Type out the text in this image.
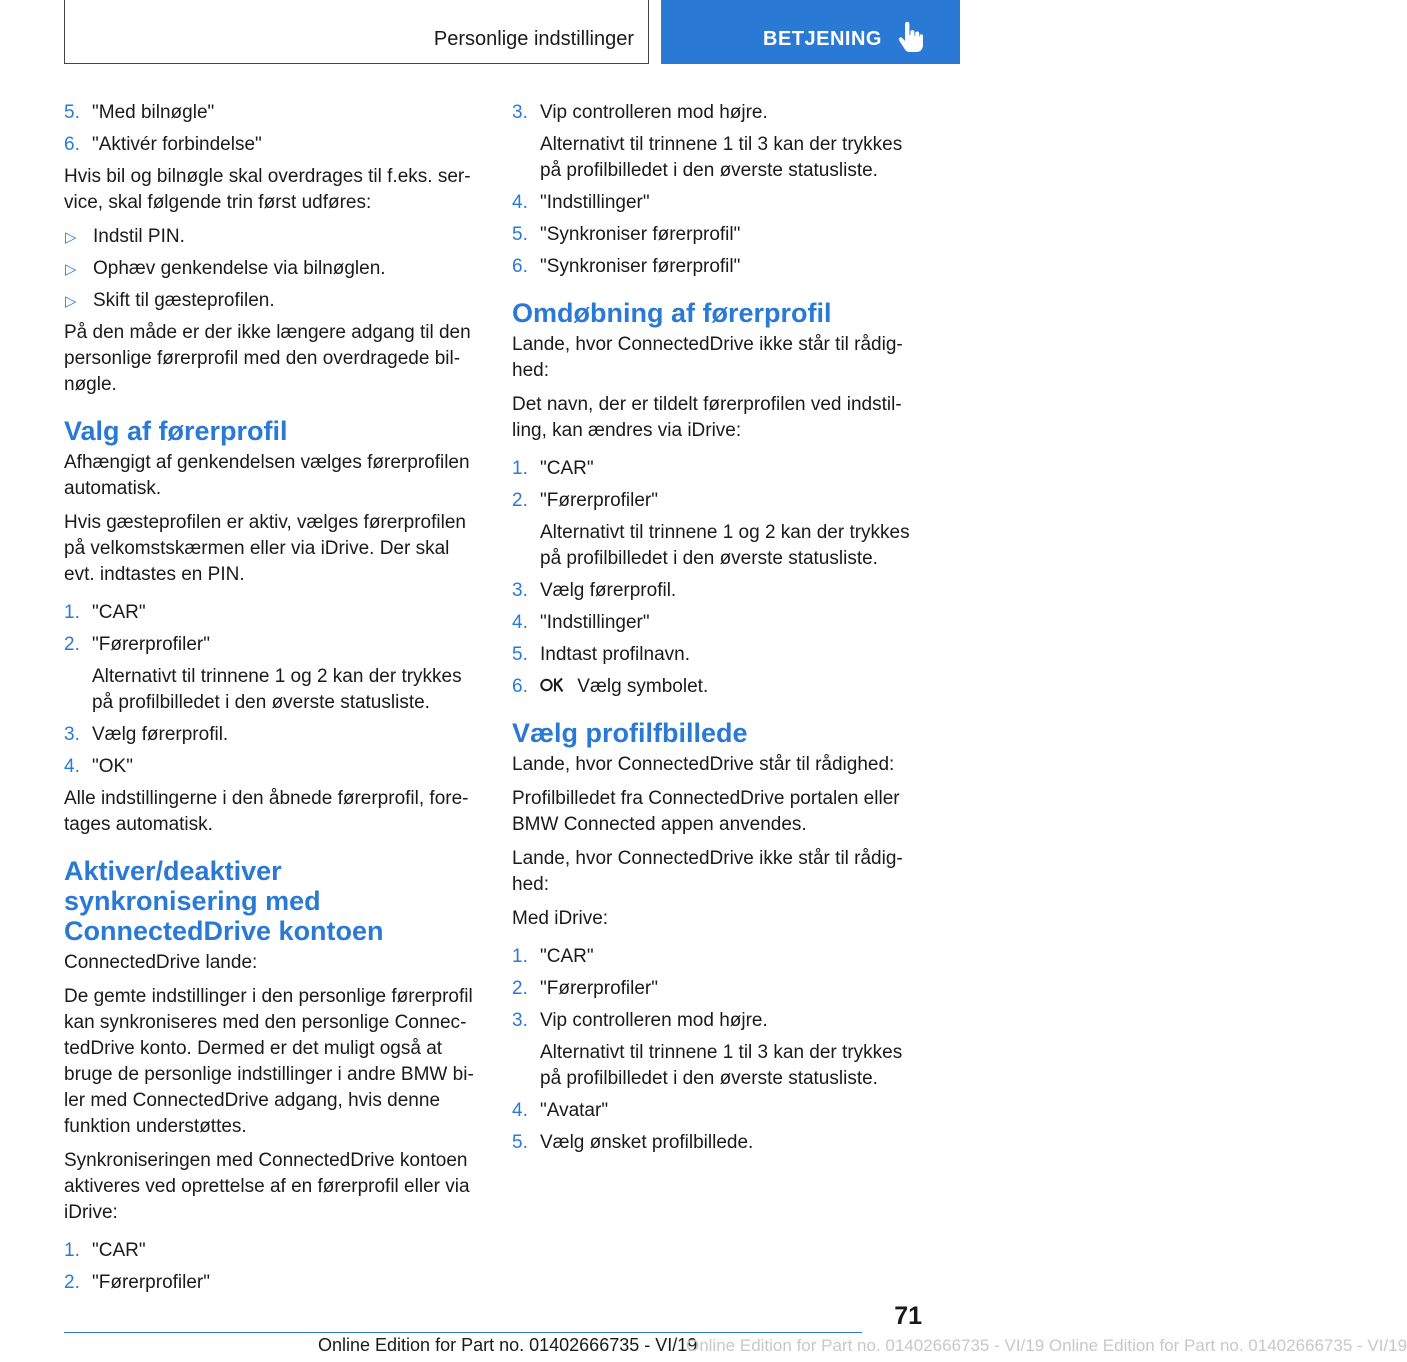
Personlige indstillinger	BETJENING
5. "Med bilnøgle"
6. "Aktivér forbindelse"

Hvis bil og bilnøgle skal overdrages til f.eks. service, skal følgende trin først udføres:

▷ Indstil PIN.
▷ Ophæv genkendelse via bilnøglen.
▷ Skift til gæsteprofilen.

På den måde er der ikke længere adgang til den personlige førerprofil med den overdragede bilnøgle.

Valg af førerprofil

Afhængigt af genkendelsen vælges førerprofilen automatisk.

Hvis gæsteprofilen er aktiv, vælges førerprofilen på velkomstskærmen eller via iDrive. Der skal evt. indtastes en PIN.

1. "CAR"
2. "Førerprofiler"
Alternativt til trinnene 1 og 2 kan der trykkes på profilbilledet i den øverste statusliste.
3. Vælg førerprofil.
4. "OK"

Alle indstillingerne i den åbnede førerprofil, foretages automatisk.

Aktiver/deaktiver synkronisering med ConnectedDrive kontoen

ConnectedDrive lande:

De gemte indstillinger i den personlige førerprofil kan synkroniseres med den personlige ConnectedDrive konto. Dermed er det muligt også at bruge de personlige indstillinger i andre BMW biler med ConnectedDrive adgang, hvis denne funktion understøttes.

Synkroniseringen med ConnectedDrive kontoen aktiveres ved oprettelse af en førerprofil eller via iDrive:

1. "CAR"
2. "Førerprofiler"
3. Vip controlleren mod højre.
Alternativt til trinnene 1 til 3 kan der trykkes på profilbilledet i den øverste statusliste.
4. "Indstillinger"
5. "Synkroniser førerprofil"
6. "Synkroniser førerprofil"
Omdøbning af førerprofil

Lande, hvor ConnectedDrive ikke står til rådighed:

Det navn, der er tildelt førerprofilen ved indstilling, kan ændres via iDrive:

1. "CAR"
2. "Førerprofiler"
Alternativt til trinnene 1 og 2 kan der trykkes på profilbilledet i den øverste statusliste.
3. Vælg førerprofil.
4. "Indstillinger"
5. Indtast profilnavn.
6.	Vælg symbolet.
Vælg profilfbillede

Lande, hvor ConnectedDrive står til rådighed:

Profilbilledet fra ConnectedDrive portalen eller BMW Connected appen anvendes.

Lande, hvor ConnectedDrive ikke står til rådighed:

Med iDrive:

1. "CAR"
2. "Førerprofiler"
3. Vip controlleren mod højre.
Alternativt til trinnene 1 til 3 kan der trykkes på profilbilledet i den øverste statusliste.
4. "Avatar"
5. Vælg ønsket profilbillede.
71
Online Edition for Part no. 01402666735 - VI/19
Online Edition for Part no. 01402666735 - VI/19 Online Edition for Part no. 01402666735 - VI/19
